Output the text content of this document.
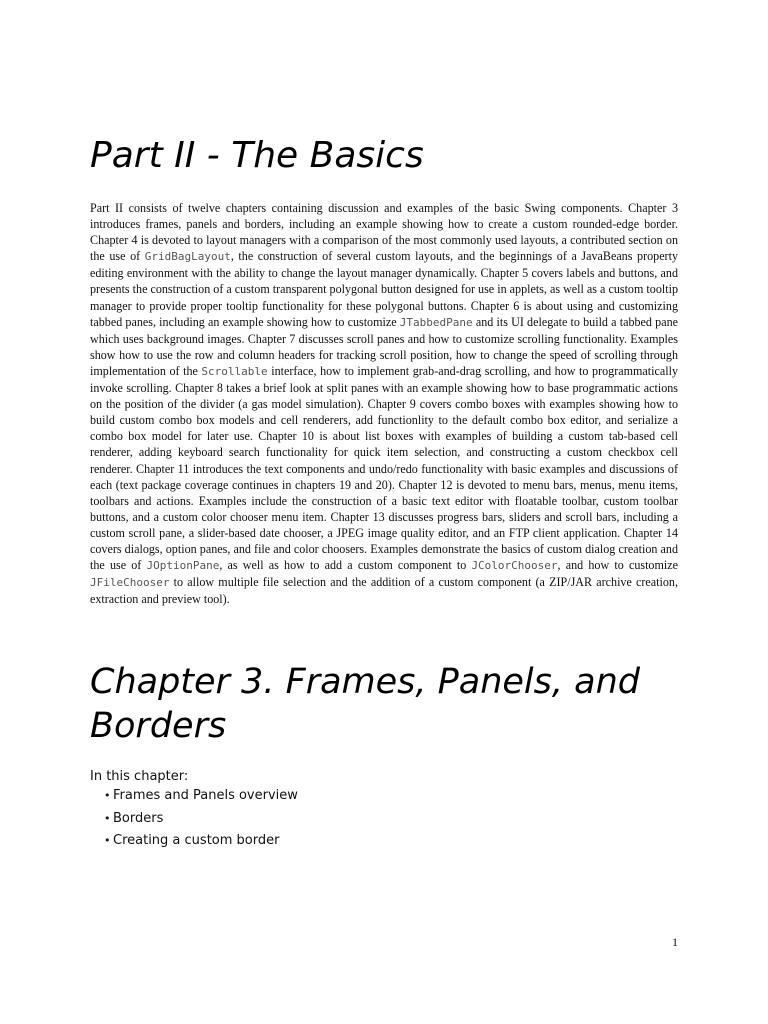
Part II - The Basics

Part II consists of twelve chapters containing discussion and examples of the basic Swing components. Chapter 3 introduces frames, panels and borders, including an example showing how to create a custom rounded-edge border. Chapter 4 is devoted to layout managers with a comparison of the most commonly used layouts, a contributed section on the use of GridBagLayout, the construction of several custom layouts, and the beginnings of a JavaBeans property editing environment with the ability to change the layout manager dynamically. Chapter 5 covers labels and buttons, and presents the construction of a custom transparent polygonal button designed for use in applets, as well as a custom tooltip manager to provide proper tooltip functionality for these polygonal buttons. Chapter 6 is about using and customizing tabbed panes, including an example showing how to customize JTabbedPane and its UI delegate to build a tabbed pane which uses background images. Chapter 7 discusses scroll panes and how to customize scrolling functionality. Examples show how to use the row and column headers for tracking scroll position, how to change the speed of scrolling through implementation of the Scrollable interface, how to implement grab-and-drag scrolling, and how to programmatically invoke scrolling. Chapter 8 takes a brief look at split panes with an example showing how to base programmatic actions on the position of the divider (a gas model simulation). Chapter 9 covers combo boxes with examples showing how to build custom combo box models and cell renderers, add functionlity to the default combo box editor, and serialize a combo box model for later use. Chapter 10 is about list boxes with examples of building a custom tab-based cell renderer, adding keyboard search functionality for quick item selection, and constructing a custom checkbox cell renderer. Chapter 11 introduces the text components and undo/redo functionality with basic examples and discussions of each (text package coverage continues in chapters 19 and 20). Chapter 12 is devoted to menu bars, menus, menu items, toolbars and actions. Examples include the construction of a basic text editor with floatable toolbar, custom toolbar buttons, and a custom color chooser menu item. Chapter 13 discusses progress bars, sliders and scroll bars, including a custom scroll pane, a slider-based date chooser, a JPEG image quality editor, and an FTP client application. Chapter 14 covers dialogs, option panes, and file and color choosers. Examples demonstrate the basics of custom dialog creation and the use of JOptionPane, as well as how to add a custom component to JColorChooser, and how to customize JFileChooser to allow multiple file selection and the addition of a custom component (a ZIP/JAR archive creation, extraction and preview tool).

Chapter 3. Frames, Panels, and Borders

In this chapter:

• Frames and Panels overview
• Borders
• Creating a custom border
1
